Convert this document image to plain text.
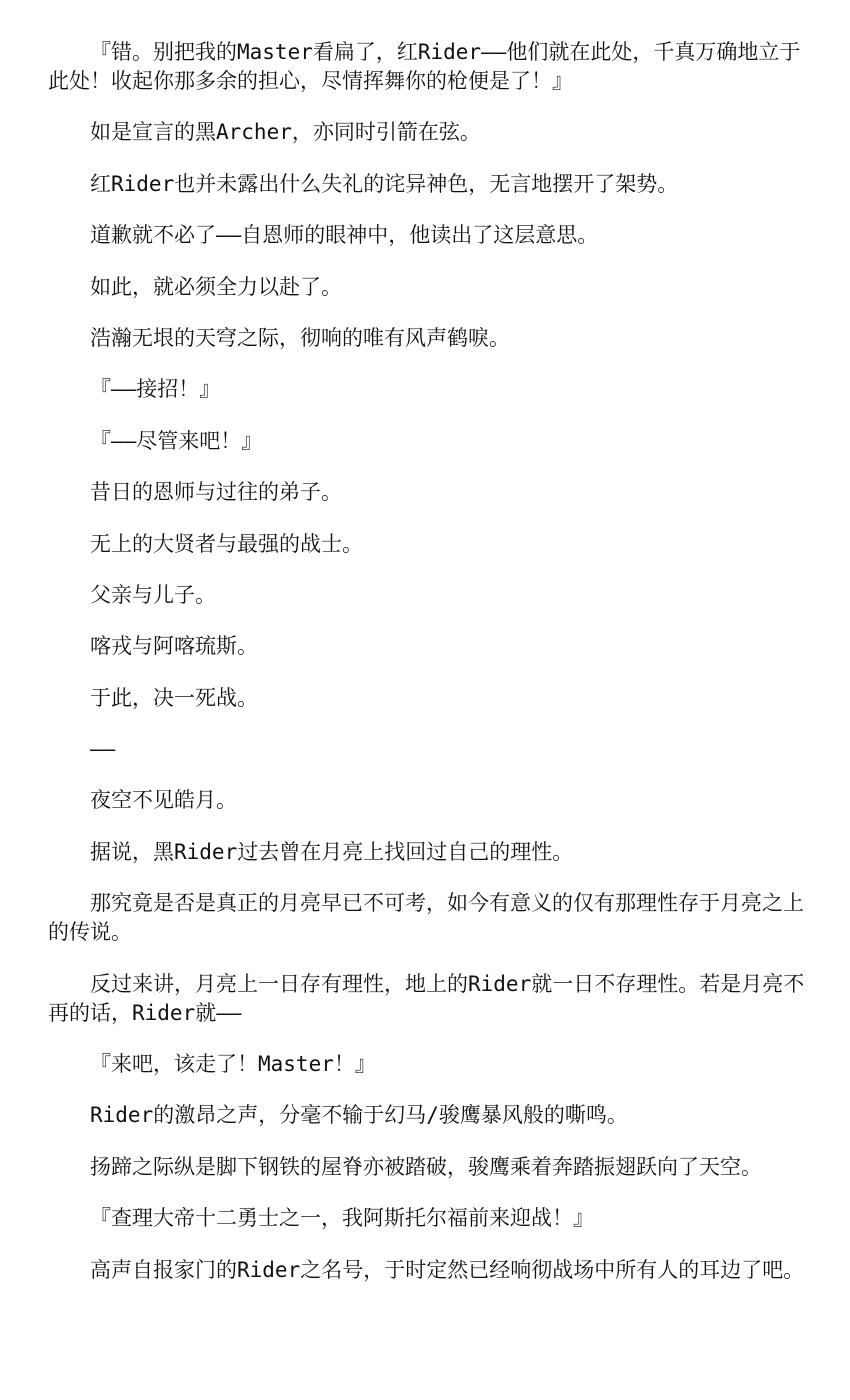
『错。别把我的Master看扁了，红Rider——他们就在此处，千真万确地立于此处！收起你那多余的担心，尽情挥舞你的枪便是了！』

如是宣言的黑Archer，亦同时引箭在弦。

红Rider也并未露出什么失礼的诧异神色，无言地摆开了架势。

道歉就不必了——自恩师的眼神中，他读出了这层意思。

如此，就必须全力以赴了。

浩瀚无垠的天穹之际，彻响的唯有风声鹤唳。

『——接招！』

『——尽管来吧！』

昔日的恩师与过往的弟子。

无上的大贤者与最强的战士。

父亲与儿子。

喀戎与阿喀琉斯。

于此，决一死战。

——

夜空不见皓月。

据说，黑Rider过去曾在月亮上找回过自己的理性。

那究竟是否是真正的月亮早已不可考，如今有意义的仅有那理性存于月亮之上的传说。

反过来讲，月亮上一日存有理性，地上的Rider就一日不存理性。若是月亮不再的话，Rider就——

『来吧，该走了！Master！』

Rider的激昂之声，分毫不输于幻马/骏鹰暴风般的嘶鸣。

扬蹄之际纵是脚下钢铁的屋脊亦被踏破，骏鹰乘着奔踏振翅跃向了天空。

『查理大帝十二勇士之一，我阿斯托尔福前来迎战！』

高声自报家门的Rider之名号，于时定然已经响彻战场中所有人的耳边了吧。
